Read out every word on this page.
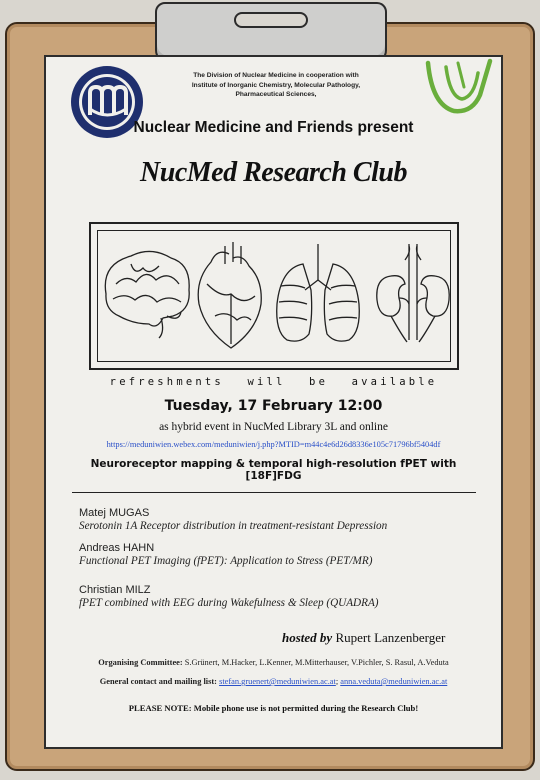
The Division of Nuclear Medicine in cooperation with
Institute of Inorganic Chemistry, Molecular Pathology,
Pharmaceutical Sciences,
Nuclear Medicine and Friends present
NucMed Research Club
refreshments will be available
Tuesday, 17 February 12:00
as hybrid event in NucMed Library 3L and online
https://meduniwien.webex.com/meduniwien/j.php?MTID=m44c4e6d26d8336e105c71796bf5404df
Neuroreceptor mapping & temporal high-resolution fPET with [18F]FDG
Matej MUGAS
Serotonin 1A Receptor distribution in treatment-resistant Depression
Andreas HAHN
Functional PET Imaging (fPET): Application to Stress (PET/MR)
Christian MILZ
fPET combined with EEG during Wakefulness & Sleep (QUADRA)
hosted by Rupert Lanzenberger
Organising Committee: S.Grünert, M.Hacker, L.Kenner, M.Mitterhauser, V.Pichler, S. Rasul, A.Veduta
General contact and mailing list: stefan.gruenert@meduniwien.ac.at; anna.veduta@meduniwien.ac.at
PLEASE NOTE: Mobile phone use is not permitted during the Research Club!
